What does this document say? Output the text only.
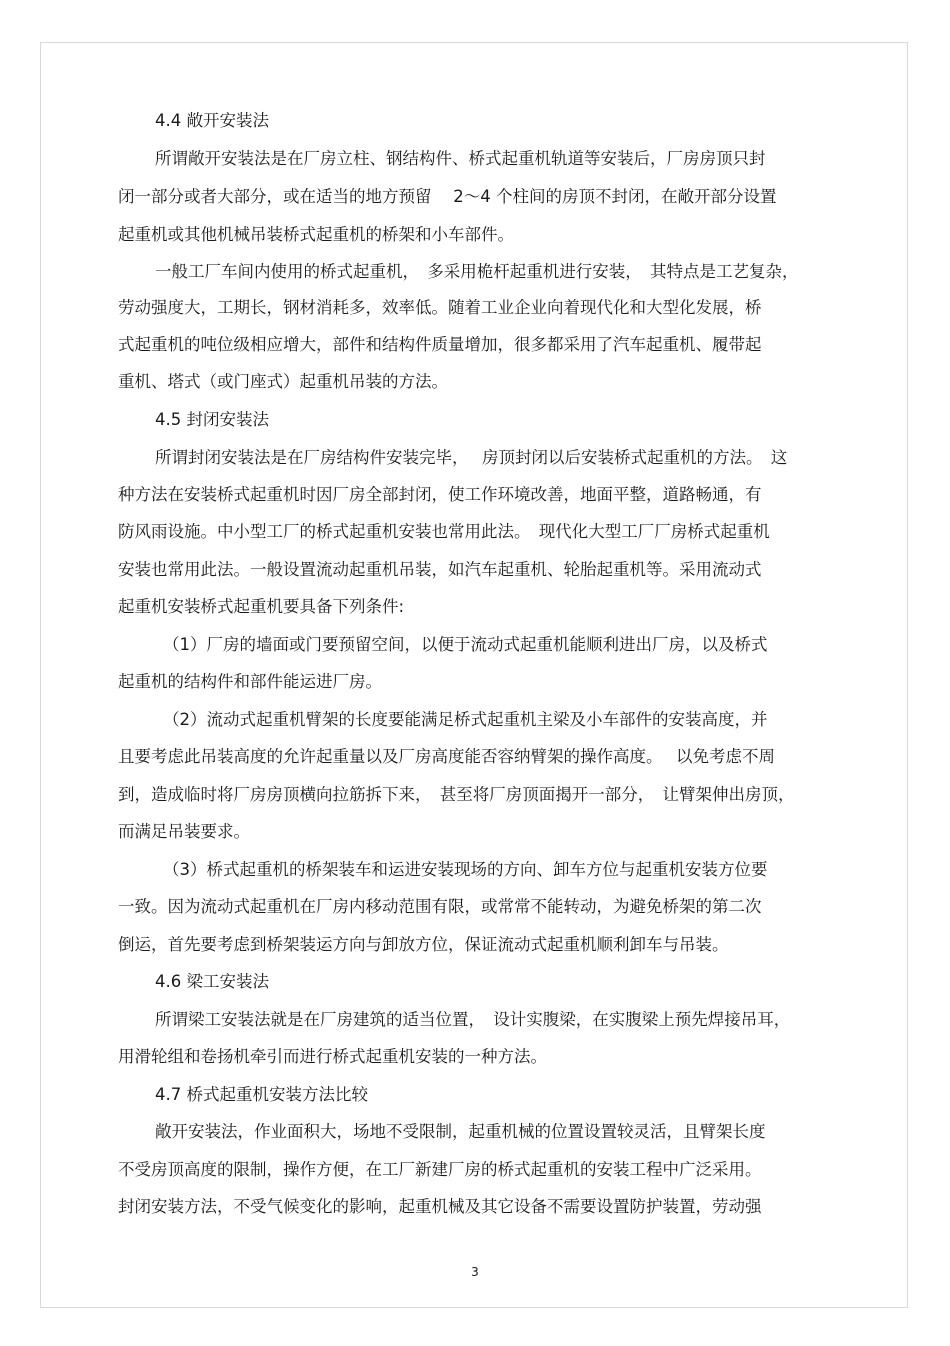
4.4 敞开安装法

所谓敞开安装法是在厂房立柱、钢结构件、桥式起重机轨道等安装后，厂房房顶只封

闭一部分或者大部分，或在适当的地方预留　 2～4 个柱间的房顶不封闭，在敞开部分设置

起重机或其他机械吊装桥式起重机的桥架和小车部件。

一般工厂车间内使用的桥式起重机，　多采用桅杆起重机进行安装，　其特点是工艺复杂，

劳动强度大，工期长，钢材消耗多，效率低。随着工业企业向着现代化和大型化发展，桥

式起重机的吨位级相应增大，部件和结构件质量增加，很多都采用了汽车起重机、履带起

重机、塔式（或门座式）起重机吊装的方法。

4.5 封闭安装法

所谓封闭安装法是在厂房结构件安装完毕，　 房顶封闭以后安装桥式起重机的方法。　这

种方法在安装桥式起重机时因厂房全部封闭，使工作环境改善，地面平整，道路畅通，有

防风雨设施。中小型工厂的桥式起重机安装也常用此法。　现代化大型工厂厂房桥式起重机

安装也常用此法。一般设置流动起重机吊装，如汽车起重机、轮胎起重机等。采用流动式

起重机安装桥式起重机要具备下列条件:

（1）厂房的墙面或门要预留空间，以便于流动式起重机能顺利进出厂房，以及桥式

起重机的结构件和部件能运进厂房。

（2）流动式起重机臂架的长度要能满足桥式起重机主梁及小车部件的安装高度，并

且要考虑此吊装高度的允许起重量以及厂房高度能否容纳臂架的操作高度。　 以免考虑不周

到，造成临时将厂房房顶横向拉筋拆下来，　甚至将厂房顶面揭开一部分，　让臂架伸出房顶，

而满足吊装要求。

（3）桥式起重机的桥架装车和运进安装现场的方向、卸车方位与起重机安装方位要

一致。因为流动式起重机在厂房内移动范围有限，或常常不能转动，为避免桥架的第二次

倒运，首先要考虑到桥架装运方向与卸放方位，保证流动式起重机顺利卸车与吊装。

4.6 梁工安装法

所谓梁工安装法就是在厂房建筑的适当位置，　设计实腹梁，在实腹梁上预先焊接吊耳，

用滑轮组和卷扬机牵引而进行桥式起重机安装的一种方法。

4.7 桥式起重机安装方法比较

敞开安装法，作业面积大，场地不受限制，起重机械的位置设置较灵活，且臂架长度

不受房顶高度的限制，操作方便，在工厂新建厂房的桥式起重机的安装工程中广泛采用。

封闭安装方法，不受气候变化的影响，起重机械及其它设备不需要设置防护装置，劳动强

3
